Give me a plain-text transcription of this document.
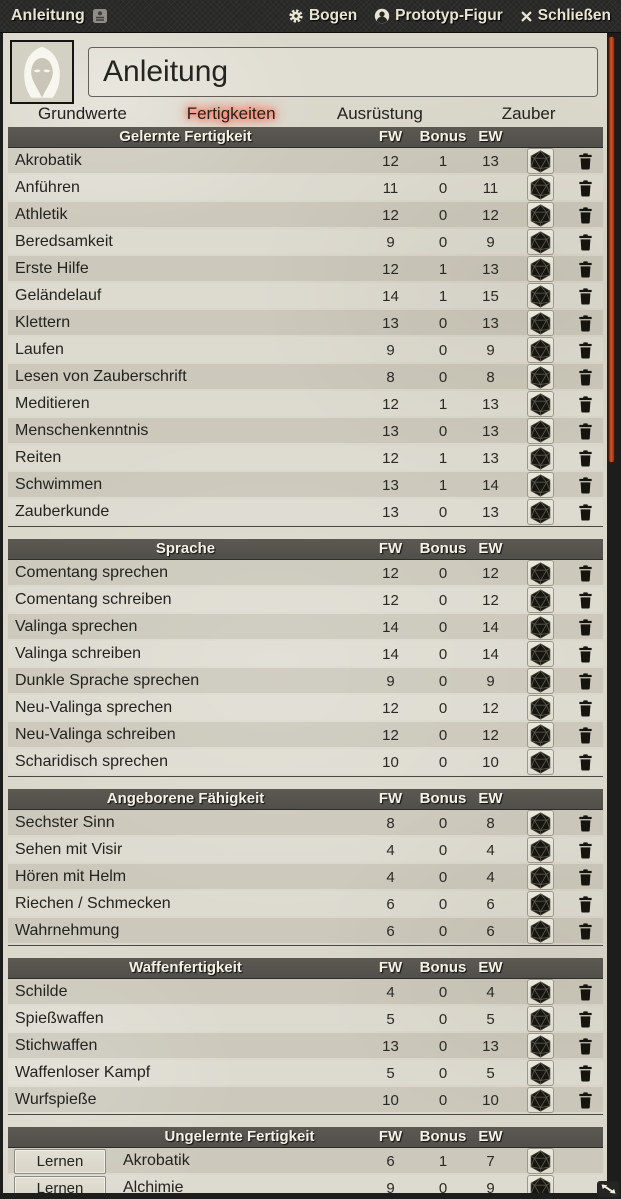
Anleitung	Bogen Prototyp-Figur Schließen
Anleitung
Grundwerte	Fertigkeiten	Ausrüstung	Zauber
Gelernte Fertigkeit	FW	Bonus EW
Akrobatik	12	1	13
Anführen	11	0	11
Athletik	12	0	12
Beredsamkeit	9	0	9
Erste Hilfe	12	1	13
Geländelauf	14	1	15
Klettern	13	0	13
Laufen	9	0	9
Lesen von Zauberschrift	8	0	8
Meditieren	12	1	13
Menschenkenntnis	13	0	13
Reiten	12	1	13
Schwimmen	13	1	14
Zauberkunde	13	0	13
Sprache	FW	Bonus EW
Comentang sprechen	12	0	12
Comentang schreiben	12	0	12
Valinga sprechen	14	0	14
Valinga schreiben	14	0	14
Dunkle Sprache sprechen	9	0	9
Neu-Valinga sprechen	12	0	12
Neu-Valinga schreiben	12	0	12
Scharidisch sprechen	10	0	10
Angeborene Fähigkeit	FW	Bonus EW
Sechster Sinn	8	0	8
Sehen mit Visir	4	0	4
Hören mit Helm	4	0	4
Riechen / Schmecken	6	0	6
Wahrnehmung	6	0	6
Waffenfertigkeit	FW	Bonus EW
Schilde	4	0	4
Spießwaffen	5	0	5
Stichwaffen	13	0	13
Waffenloser Kampf	5	0	5
Wurfspieße	10	0	10
Ungelernte Fertigkeit	FW	Bonus EW
Lernen	Akrobatik	6	1	7
Lernen	Alchimie	9	0	9
